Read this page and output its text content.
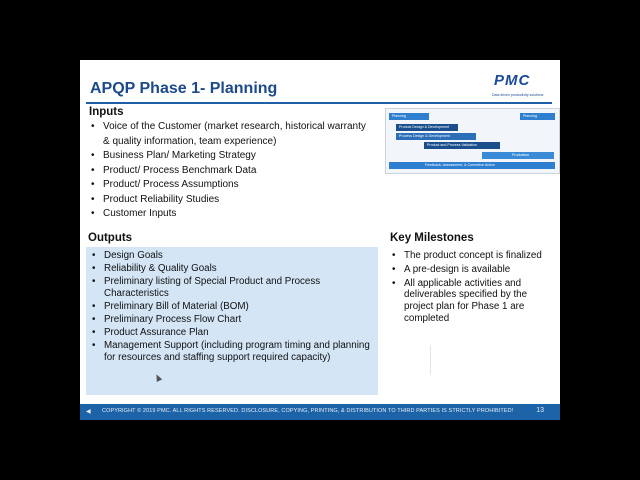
APQP Phase 1- Planning	PMC
Data driven productivity solutions
Inputs
• Voice of the Customer (market research, historical warranty & quality information, team experience)
• Business Plan/ Marketing Strategy
• Product/ Process Benchmark Data
• Product/ Process Assumptions
• Product Reliability Studies
• Customer Inputs
Planning	Planning
Product Design & Development
Process Design & Development
Product and Process Validation
Production
Feedback, Assessment, & Corrective Action
Outputs
• Design Goals
• Reliability & Quality Goals
• Preliminary listing of Special Product and Process Characteristics
• Preliminary Bill of Material (BOM)
• Preliminary Process Flow Chart
• Product Assurance Plan
• Management Support (including program timing and planning for resources and staffing support required capacity)
Key Milestones
• The product concept is finalized
• A pre-design is available
• All applicable activities and deliverables specified by the project plan for Phase 1 are completed
◀ COPYRIGHT © 2019 PMC. ALL RIGHTS RESERVED. DISCLOSURE, COPYING, PRINTING, & DISTRIBUTION TO THIRD PARTIES IS STRICTLY PROHIBITED!	13
